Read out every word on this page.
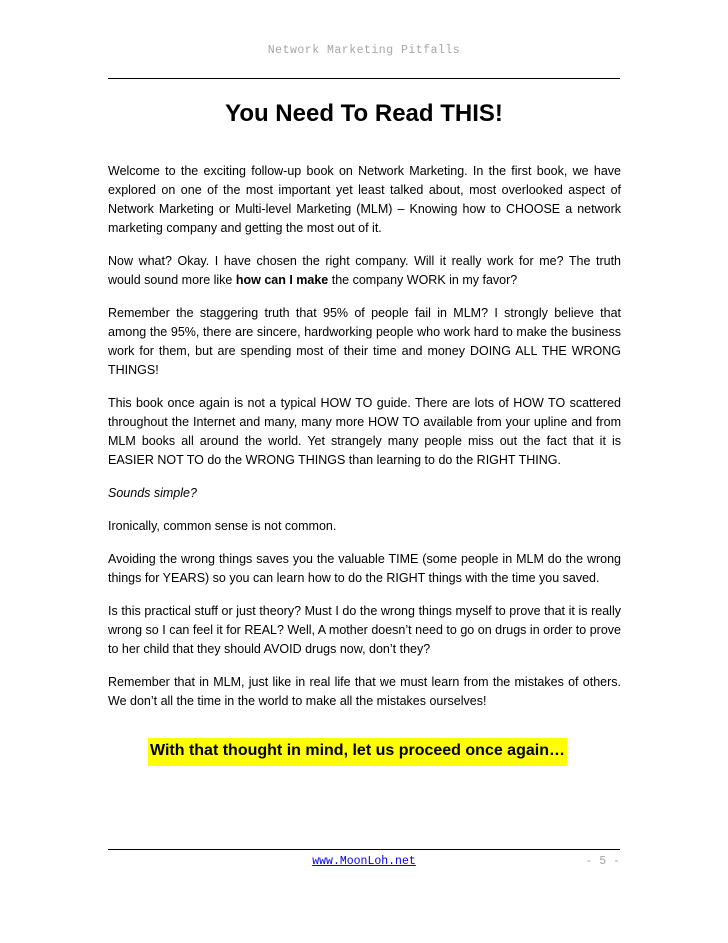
Network Marketing Pitfalls
You Need To Read THIS!

Welcome to the exciting follow-up book on Network Marketing. In the first book, we have explored on one of the most important yet least talked about, most overlooked aspect of Network Marketing or Multi-level Marketing (MLM) – Knowing how to CHOOSE a network marketing company and getting the most out of it.

Now what? Okay. I have chosen the right company. Will it really work for me? The truth would sound more like how can I make the company WORK in my favor?

Remember the staggering truth that 95% of people fail in MLM? I strongly believe that among the 95%, there are sincere, hardworking people who work hard to make the business work for them, but are spending most of their time and money DOING ALL THE WRONG THINGS!

This book once again is not a typical HOW TO guide. There are lots of HOW TO scattered throughout the Internet and many, many more HOW TO available from your upline and from MLM books all around the world. Yet strangely many people miss out the fact that it is EASIER NOT TO do the WRONG THINGS than learning to do the RIGHT THING.

Sounds simple?

Ironically, common sense is not common.

Avoiding the wrong things saves you the valuable TIME (some people in MLM do the wrong things for YEARS) so you can learn how to do the RIGHT things with the time you saved.

Is this practical stuff or just theory? Must I do the wrong things myself to prove that it is really wrong so I can feel it for REAL? Well, A mother doesn’t need to go on drugs in order to prove to her child that they should AVOID drugs now, don’t they?

Remember that in MLM, just like in real life that we must learn from the mistakes of others. We don’t all the time in the world to make all the mistakes ourselves!

With that thought in mind, let us proceed once again…
www.MoonLoh.net	- 5 -
